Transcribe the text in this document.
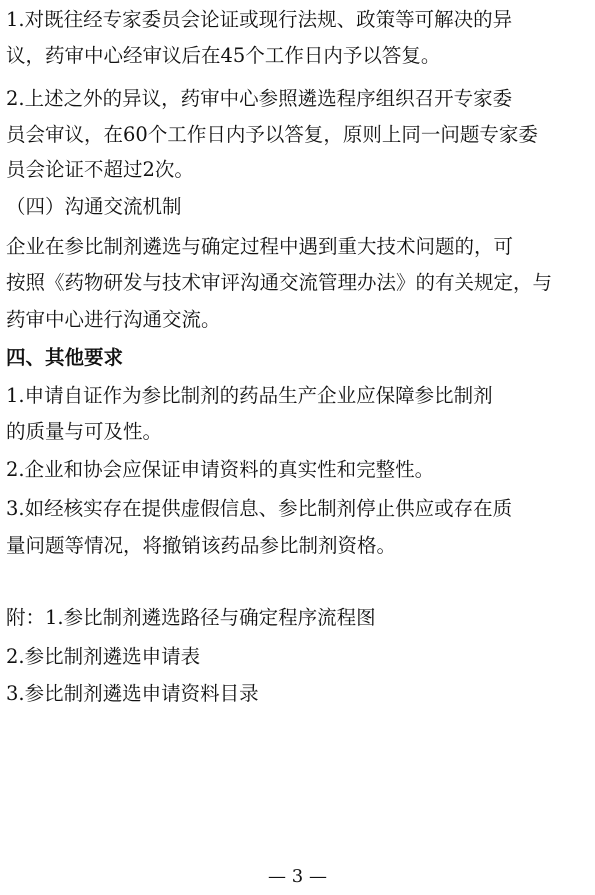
1.对既往经专家委员会论证或现行法规、政策等可解决的异
议，药审中心经审议后在45个工作日内予以答复。
2.上述之外的异议，药审中心参照遴选程序组织召开专家委
员会审议，在60个工作日内予以答复，原则上同一问题专家委
员会论证不超过2次。
（四）沟通交流机制
企业在参比制剂遴选与确定过程中遇到重大技术问题的，可
按照《药物研发与技术审评沟通交流管理办法》的有关规定，与
药审中心进行沟通交流。
四、其他要求
1.申请自证作为参比制剂的药品生产企业应保障参比制剂
的质量与可及性。
2.企业和协会应保证申请资料的真实性和完整性。
3.如经核实存在提供虚假信息、参比制剂停止供应或存在质
量问题等情况，将撤销该药品参比制剂资格。
附：1.参比制剂遴选路径与确定程序流程图
2.参比制剂遴选申请表
3.参比制剂遴选申请资料目录
— 3 —
